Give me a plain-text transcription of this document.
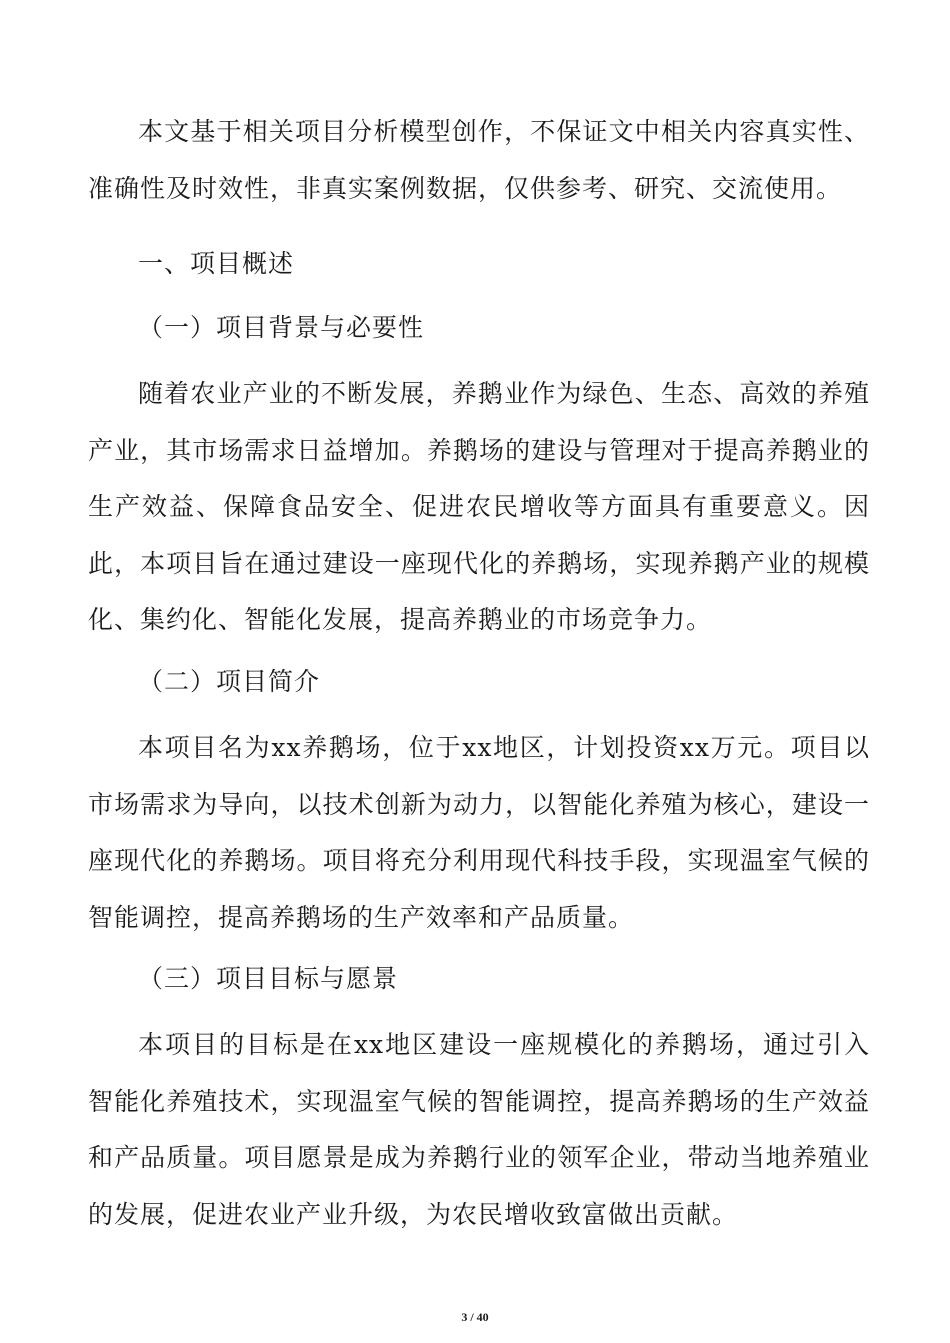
本文基于相关项目分析模型创作，不保证文中相关内容真实性、准确性及时效性，非真实案例数据，仅供参考、研究、交流使用。

一、项目概述
（一）项目背景与必要性

随着农业产业的不断发展，养鹅业作为绿色、生态、高效的养殖产业，其市场需求日益增加。养鹅场的建设与管理对于提高养鹅业的生产效益、保障食品安全、促进农民增收等方面具有重要意义。因此，本项目旨在通过建设一座现代化的养鹅场，实现养鹅产业的规模化、集约化、智能化发展，提高养鹅业的市场竞争力。

（二）项目简介

本项目名为xx养鹅场，位于xx地区，计划投资xx万元。项目以市场需求为导向，以技术创新为动力，以智能化养殖为核心，建设一座现代化的养鹅场。项目将充分利用现代科技手段，实现温室气候的智能调控，提高养鹅场的生产效率和产品质量。

（三）项目目标与愿景

本项目的目标是在xx地区建设一座规模化的养鹅场，通过引入智能化养殖技术，实现温室气候的智能调控，提高养鹅场的生产效益和产品质量。项目愿景是成为养鹅行业的领军企业，带动当地养殖业的发展，促进农业产业升级，为农民增收致富做出贡献。

3 / 40
